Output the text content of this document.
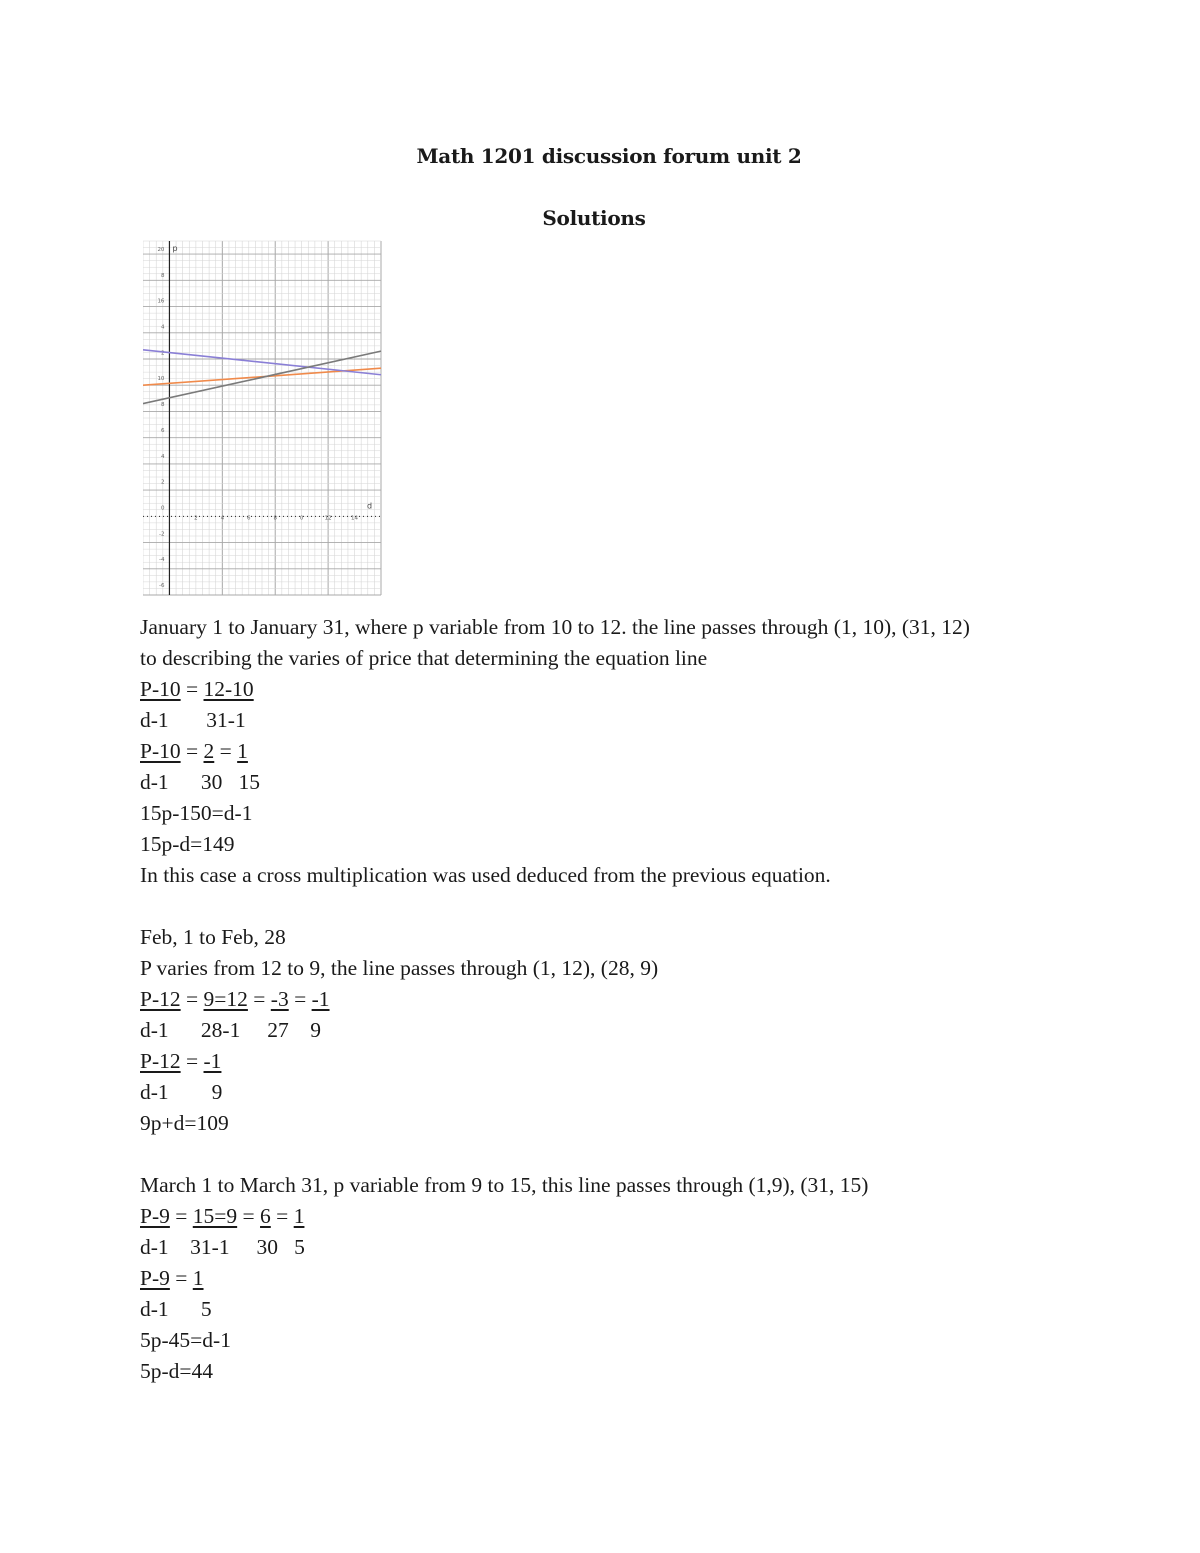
Math 1201 discussion forum unit 2
Solutions
p
d
20
8
16
4
2
10
8
6
4
2
0
-2
-4
-6
2	4	6	8	0	12	14
January 1 to January 31, where p variable from 10 to 12. the line passes through (1, 10), (31, 12)
to describing the varies of price that determining the equation line
P-10 = 12-10
d-1       31-1
P-10 = 2 = 1
d-1      30   15
15p-150=d-1
15p-d=149
In this case a cross multiplication was used deduced from the previous equation.
Feb, 1 to Feb, 28
P varies from 12 to 9, the line passes through (1, 12), (28, 9)
P-12 = 9=12 = -3 = -1
d-1      28-1     27    9
P-12 = -1
d-1        9
9p+d=109
March 1 to March 31, p variable from 9 to 15, this line passes through (1,9), (31, 15)
P-9 = 15=9 = 6 = 1
d-1    31-1     30   5
P-9 = 1
d-1      5
5p-45=d-1
5p-d=44
